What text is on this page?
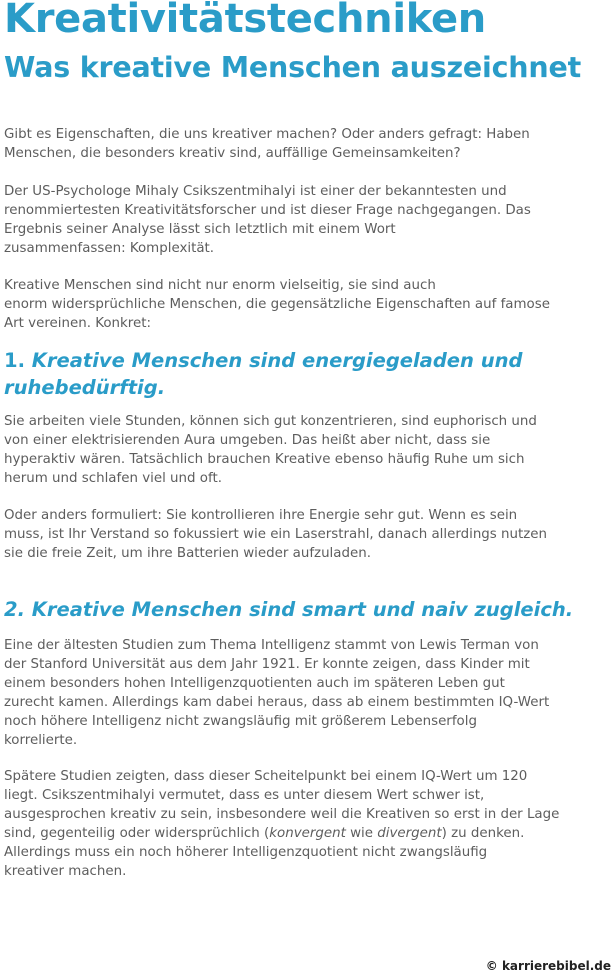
Kreativitätstechniken
Was kreative Menschen auszeichnet

Gibt es Eigenschaften, die uns kreativer machen? Oder anders gefragt: Haben
Menschen, die besonders kreativ sind, auffällige Gemeinsamkeiten?

Der US-Psychologe Mihaly Csikszentmihalyi ist einer der bekanntesten und
renommiertesten Kreativitätsforscher und ist dieser Frage nachgegangen. Das
Ergebnis seiner Analyse lässt sich letztlich mit einem Wort
zusammenfassen: Komplexität.

Kreative Menschen sind nicht nur enorm vielseitig, sie sind auch
enorm widersprüchliche Menschen, die gegensätzliche Eigenschaften auf famose
Art vereinen. Konkret:

1. Kreative Menschen sind energiegeladen und
ruhebedürftig.

Sie arbeiten viele Stunden, können sich gut konzentrieren, sind euphorisch und
von einer elektrisierenden Aura umgeben. Das heißt aber nicht, dass sie
hyperaktiv wären. Tatsächlich brauchen Kreative ebenso häufig Ruhe um sich
herum und schlafen viel und oft.

Oder anders formuliert: Sie kontrollieren ihre Energie sehr gut. Wenn es sein
muss, ist Ihr Verstand so fokussiert wie ein Laserstrahl, danach allerdings nutzen
sie die freie Zeit, um ihre Batterien wieder aufzuladen.

2. Kreative Menschen sind smart und naiv zugleich.

Eine der ältesten Studien zum Thema Intelligenz stammt von Lewis Terman von
der Stanford Universität aus dem Jahr 1921. Er konnte zeigen, dass Kinder mit
einem besonders hohen Intelligenzquotienten auch im späteren Leben gut
zurecht kamen. Allerdings kam dabei heraus, dass ab einem bestimmten IQ-Wert
noch höhere Intelligenz nicht zwangsläufig mit größerem Lebenserfolg
korrelierte.

Spätere Studien zeigten, dass dieser Scheitelpunkt bei einem IQ-Wert um 120
liegt. Csikszentmihalyi vermutet, dass es unter diesem Wert schwer ist,
ausgesprochen kreativ zu sein, insbesondere weil die Kreativen so erst in der Lage
sind, gegenteilig oder widersprüchlich (konvergent wie divergent) zu denken.
Allerdings muss ein noch höherer Intelligenzquotient nicht zwangsläufig
kreativer machen.

© karrierebibel.de
